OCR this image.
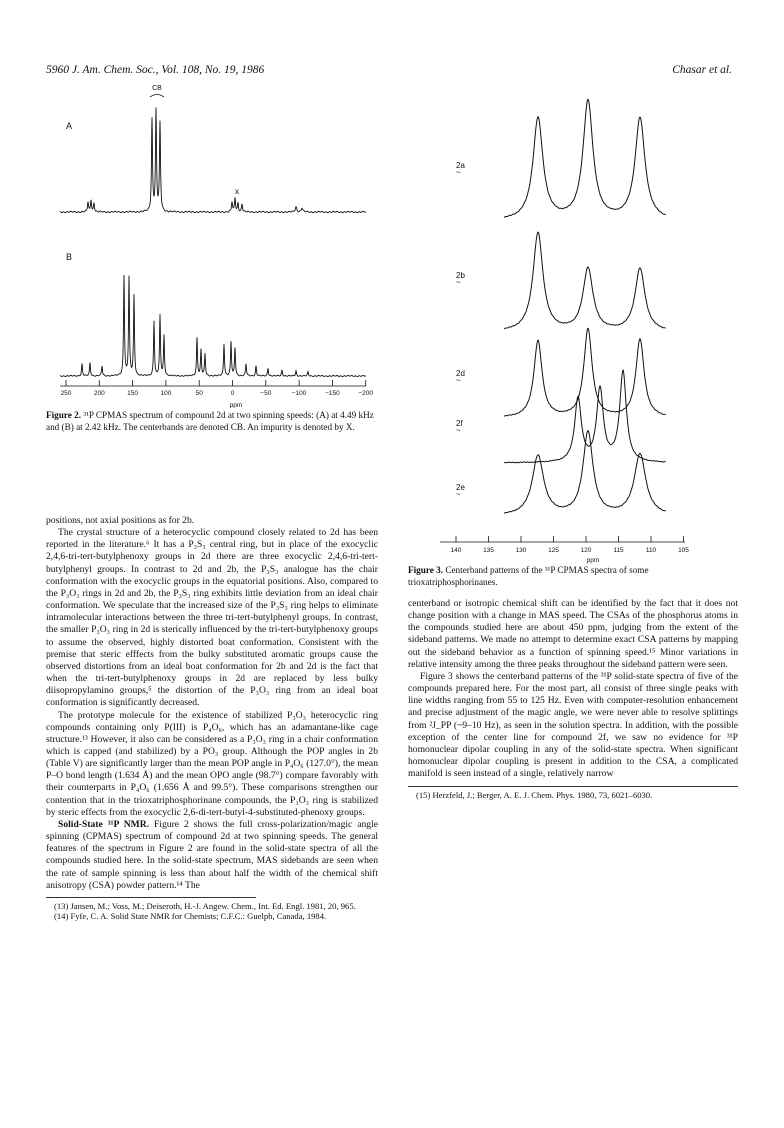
5960 J. Am. Chem. Soc., Vol. 108, No. 19, 1986	Chasar et al.
CB
A
x
B
250	200	150	100	50	0	−50	−100	−150	−200
ppm
Figure 2. ³¹P CPMAS spectrum of compound 2d at two spinning speeds: (A) at 4.49 kHz and (B) at 2.42 kHz. The centerbands are denoted CB. An impurity is denoted by X.
2a
~
2b
~
2d
~
2e
~
2f
~
140	135	130	125	120	115	110	105
ppm
Figure 3. Centerband patterns of the ³¹P CPMAS spectra of some trioxatriphosphorinanes.

positions, not axial positions as for 2b.

The crystal structure of a heterocyclic compound closely related to 2d has been reported in the literature.⁶ It has a P₃S₃ central ring, but in place of the exocyclic 2,4,6-tri-tert-butylphenoxy groups in 2d there are three exocyclic 2,4,6-tri-tert-butylphenyl groups. In contrast to 2d and 2b, the P₃S₃ analogue has the chair conformation with the exocyclic groups in the equatorial positions. Also, compared to the P₃O₃ rings in 2d and 2b, the P₃S₃ ring exhibits little deviation from an ideal chair conformation. We speculate that the increased size of the P₃S₃ ring helps to eliminate intramolecular interactions between the three tri-tert-butylphenyl groups. In contrast, the smaller P₃O₃ ring in 2d is sterically influenced by the tri-tert-butylphenoxy groups to assume the observed, highly distorted boat conformation. Consistent with the premise that steric efffects from the bulky substituted aromatic groups cause the observed distortions from an ideal boat conformation for 2b and 2d is the fact that when the tri-tert-butylphenoxy groups in 2d are replaced by less bulky diisopropylamino groups,⁵ the distortion of the P₃O₃ ring from an ideal boat conformation is significantly decreased.

The prototype molecule for the existence of stabilized P₃O₃ heterocyclic ring compounds containing only P(III) is P₄O₆, which has an adamantane-like cage structure.¹³ However, it also can be considered as a P₃O₃ ring in a chair conformation which is capped (and stabilized) by a PO₃ group. Although the POP angles in 2b (Table V) are significantly larger than the mean POP angle in P₄O₆ (127.0°), the mean P–O bond length (1.634 Å) and the mean OPO angle (98.7°) compare favorably with their counterparts in P₄O₆ (1.656 Å and 99.5°). These comparisons strengthen our contention that in the trioxatriphosphorinane compounds, the P₃O₃ ring is stabilized by steric effects from the exocyclic 2,6-di-tert-butyl-4-substituted-phenoxy groups.

Solid-State ³¹P NMR. Figure 2 shows the full cross-polarization/magic angle spinning (CPMAS) spectrum of compound 2d at two spinning speeds. The general features of the spectrum in Figure 2 are found in the solid-state spectra of all the compounds studied here. In the solid-state spectrum, MAS sidebands are seen when the rate of sample spinning is less than about half the width of the chemical shift anisotropy (CSA) powder pattern.¹⁴ The

(13) Jansen, M.; Voss, M.; Deiseroth, H.-J. Angew. Chem., Int. Ed. Engl. 1981, 20, 965.

(14) Fyfe, C. A. Solid State NMR for Chemists; C.F.C.: Guelph, Canada, 1984.

centerband or isotropic chemical shift can be identified by the fact that it does not change position with a change in MAS speed. The CSAs of the phosphorus atoms in the compounds studied here are about 450 ppm, judging from the extent of the sideband patterns. We made no attempt to determine exact CSA patterns by mapping out the sideband behavior as a function of spinning speed.¹⁵ Minor variations in relative intensity among the three peaks throughout the sideband pattern were seen.

Figure 3 shows the centerband patterns of the ³¹P solid-state spectra of five of the compounds prepared here. For the most part, all consist of three single peaks with line widths ranging from 55 to 125 Hz. Even with computer-resolution enhancement and precise adjustment of the magic angle, we were never able to resolve splittings from ²J_PP (~9–10 Hz), as seen in the solution spectra. In addition, with the possible exception of the center line for compound 2f, we saw no evidence for ³¹P homonuclear dipolar coupling in any of the solid-state spectra. When significant homonuclear dipolar coupling is present in addition to the CSA, a complicated manifold is seen instead of a single, relatively narrow

(15) Herzfeld, J.; Berger, A. E. J. Chem. Phys. 1980, 73, 6021–6030.
